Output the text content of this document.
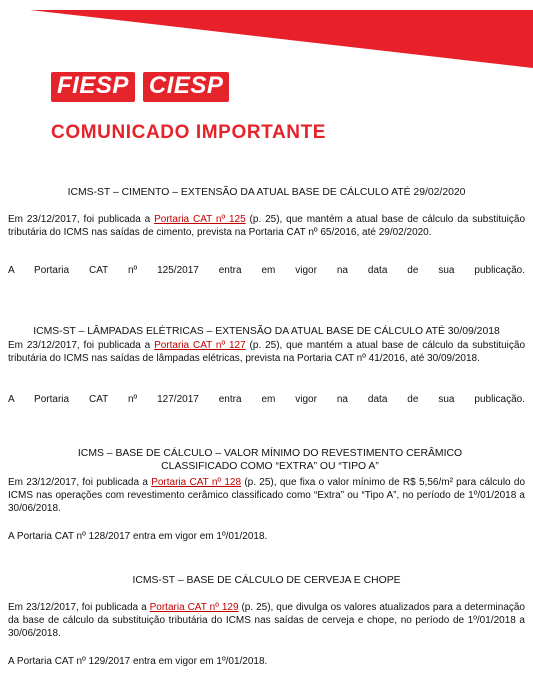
FIESP CIESP
COMUNICADO IMPORTANTE

ICMS-ST – CIMENTO – EXTENSÃO DA ATUAL BASE DE CÁLCULO ATÉ 29/02/2020

Em 23/12/2017, foi publicada a Portaria CAT nº 125 (p. 25), que mantém a atual base de cálculo da substituição tributária do ICMS nas saídas de cimento, prevista na Portaria CAT nº 65/2016, até 29/02/2020.

A Portaria CAT nº 125/2017 entra em vigor na data de sua publicação.

ICMS-ST – LÂMPADAS ELÉTRICAS – EXTENSÃO DA ATUAL BASE DE CÁLCULO ATÉ 30/09/2018

Em 23/12/2017, foi publicada a Portaria CAT nº 127 (p. 25), que mantém a atual base de cálculo da substituição tributária do ICMS nas saídas de lâmpadas elétricas, prevista na Portaria CAT nº 41/2016, até 30/09/2018.

A Portaria CAT nº 127/2017 entra em vigor na data de sua publicação.

ICMS – BASE DE CÁLCULO – VALOR MÍNIMO DO REVESTIMENTO CERÂMICO CLASSIFICADO COMO “EXTRA” OU “TIPO A”

Em 23/12/2017, foi publicada a Portaria CAT nº 128 (p. 25), que fixa o valor mínimo de R$ 5,56/m² para cálculo do ICMS nas operações com revestimento cerâmico classificado como “Extra” ou “Tipo A”, no período de 1º/01/2018 a 30/06/2018.

A Portaria CAT nº 128/2017 entra em vigor em 1º/01/2018.

ICMS-ST – BASE DE CÁLCULO DE CERVEJA E CHOPE

Em 23/12/2017, foi publicada a Portaria CAT nº 129 (p. 25), que divulga os valores atualizados para a determinação da base de cálculo da substituição tributária do ICMS nas saídas de cerveja e chope, no período de 1º/01/2018 a 30/06/2018.

A Portaria CAT nº 129/2017 entra em vigor em 1º/01/2018.
